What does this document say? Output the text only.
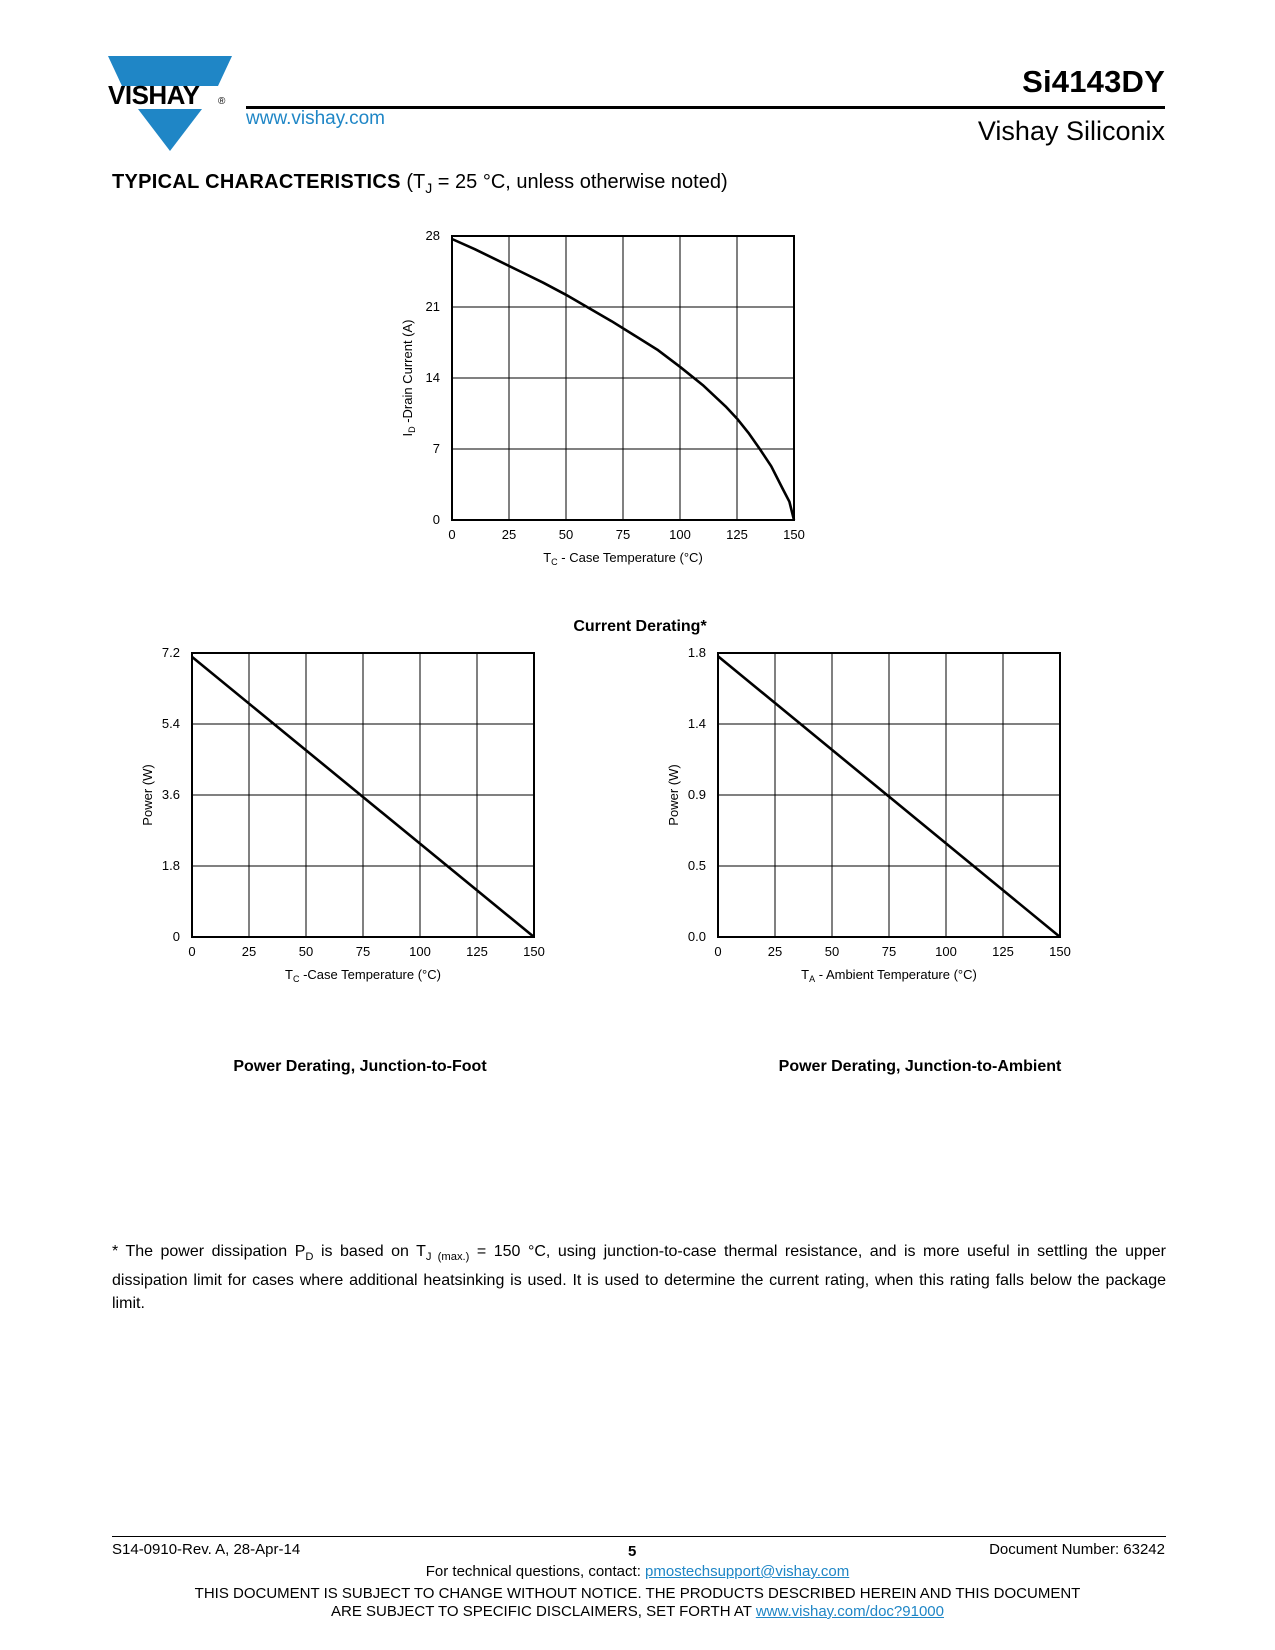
VISHAY ®
www.vishay.com
Si4143DY
Vishay Siliconix
TYPICAL CHARACTERISTICS ($T_J = 25$ °C, unless otherwise noted)
0	25	50	75	100	125	150
0
7
14
21
28
$T_C$ - Case Temperature (°C)
$I_D$ -Drain Current (A)
0	25	50	75	100	125	150
0
1.8
3.6
5.4
7.2
$T_C$ -Case Temperature (°C)
Power (W)
0	25	50	75	100	125	150
0.0
0.5
0.9
1.4
1.8
$T_A$ - Ambient Temperature (°C)
Power (W)
Current Derating*
Power Derating, Junction-to-Foot	Power Derating, Junction-to-Ambient
* The power dissipation $P_D$ is based on $T_{J (max.)} = 150$ °C, using junction-to-case thermal resistance, and is more useful in settling the upper dissipation limit for cases where additional heatsinking is used. It is used to determine the current rating, when this rating falls below the package limit.
S14-0910-Rev. A, 28-Apr-14	5	Document Number: 63242
For technical questions, contact: pmostechsupport@vishay.com
THIS DOCUMENT IS SUBJECT TO CHANGE WITHOUT NOTICE. THE PRODUCTS DESCRIBED HEREIN AND THIS DOCUMENT
ARE SUBJECT TO SPECIFIC DISCLAIMERS, SET FORTH AT www.vishay.com/doc?91000
